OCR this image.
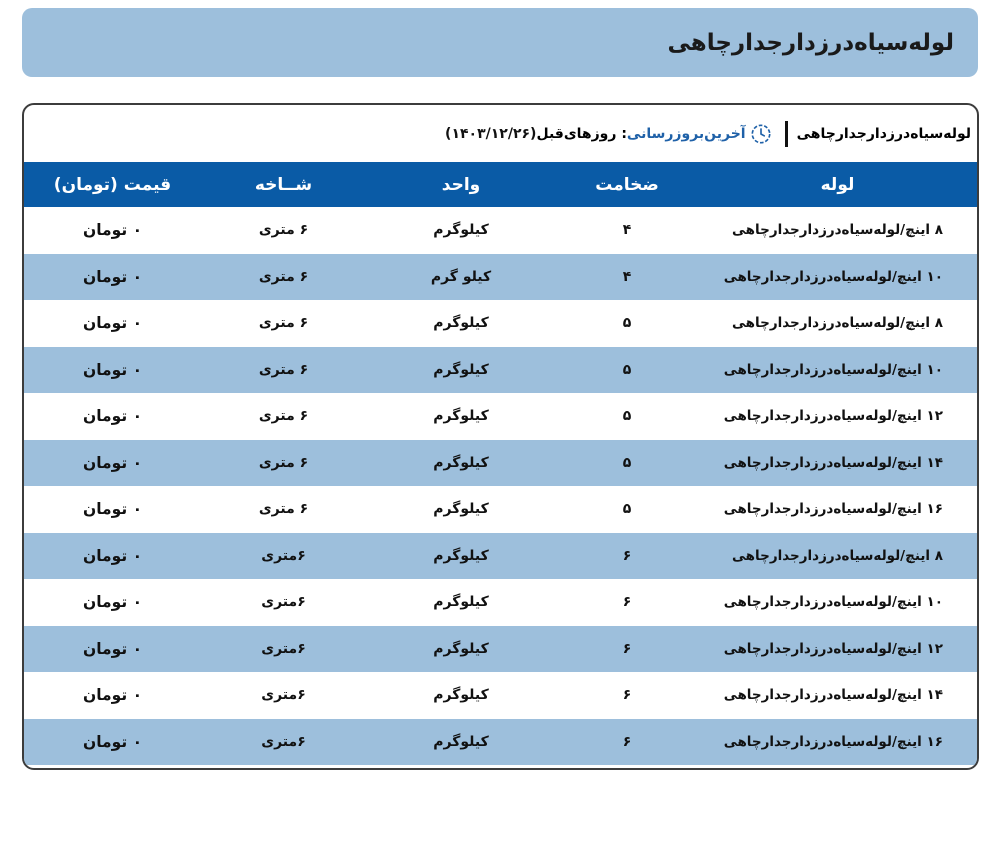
لوله‌سیاه‌درزدارجدارچاهی
(۱۴۰۳/۱۲/۲۶) : روزهای‌قبل آخرین‌بروزرسانی	لوله‌سیاه‌درزدارجدارچاهی
لوله	ضخامت	واحد	شــاخه	قیمت (تومان)
۸ اینچ/لوله‌سیاه‌درزدارجدارچاهی	۴	کیلوگرم	۶ متری	۰ تومان
۱۰ اینچ/لوله‌سیاه‌درزدارجدارچاهی	۴	کیلو گرم	۶ متری	۰ تومان
۸ اینچ/لوله‌سیاه‌درزدارجدارچاهی	۵	کیلوگرم	۶ متری	۰ تومان
۱۰ اینچ/لوله‌سیاه‌درزدارجدارچاهی	۵	کیلوگرم	۶ متری	۰ تومان
۱۲ اینچ/لوله‌سیاه‌درزدارجدارچاهی	۵	کیلوگرم	۶ متری	۰ تومان
۱۴ اینچ/لوله‌سیاه‌درزدارجدارچاهی	۵	کیلوگرم	۶ متری	۰ تومان
۱۶ اینچ/لوله‌سیاه‌درزدارجدارچاهی	۵	کیلوگرم	۶ متری	۰ تومان
۸ اینچ/لوله‌سیاه‌درزدارجدارچاهی	۶	کیلوگرم	۶متری	۰ تومان
۱۰ اینچ/لوله‌سیاه‌درزدارجدارچاهی	۶	کیلوگرم	۶متری	۰ تومان
۱۲ اینچ/لوله‌سیاه‌درزدارجدارچاهی	۶	کیلوگرم	۶متری	۰ تومان
۱۴ اینچ/لوله‌سیاه‌درزدارجدارچاهی	۶	کیلوگرم	۶متری	۰ تومان
۱۶ اینچ/لوله‌سیاه‌درزدارجدارچاهی	۶	کیلوگرم	۶متری	۰ تومان
